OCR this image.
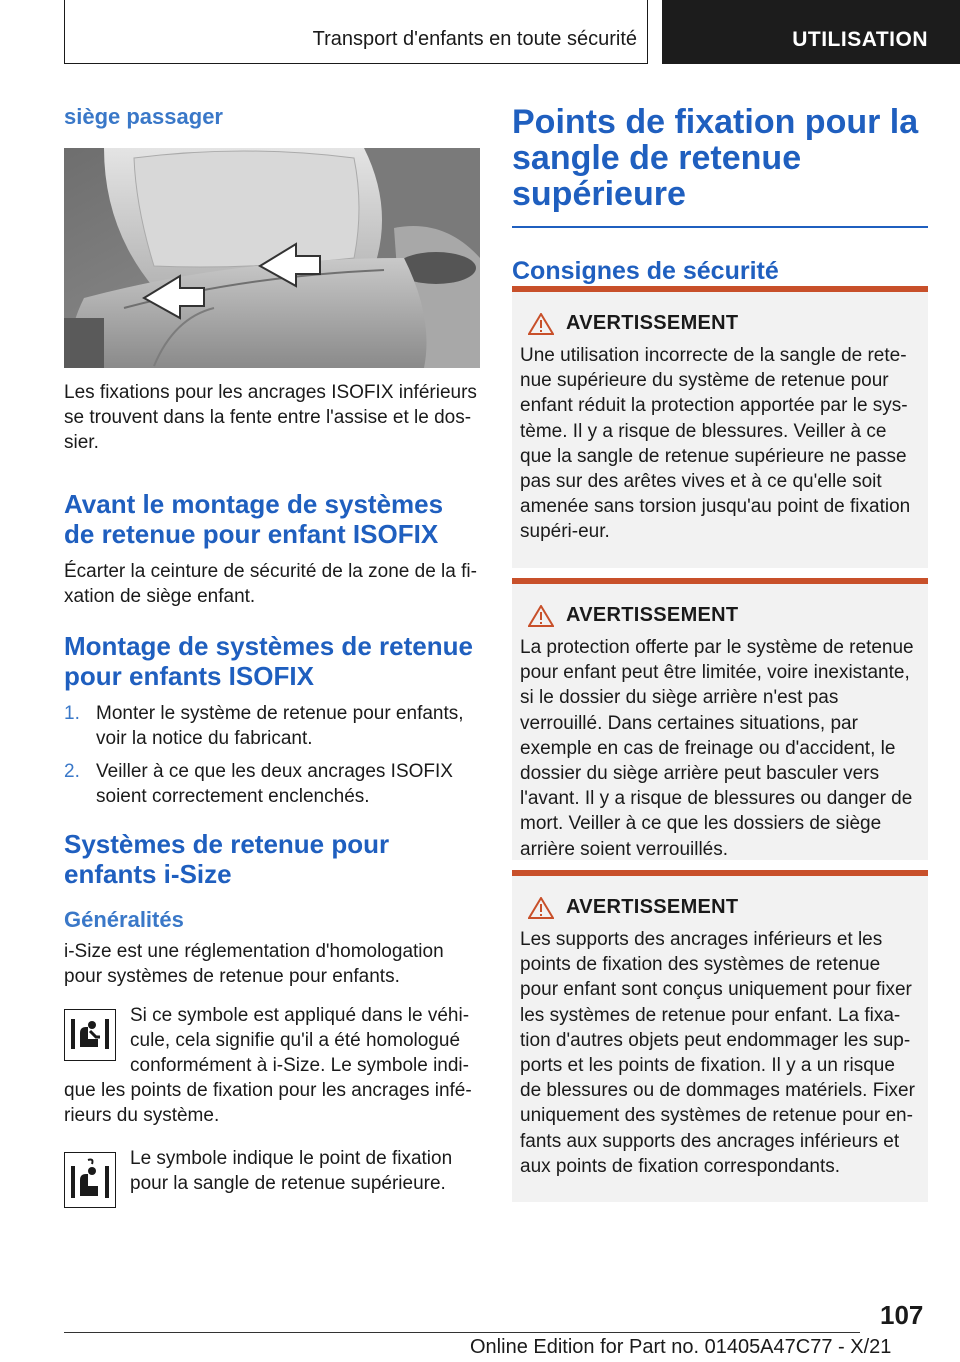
Transport d'enfants en toute sécurité	UTILISATION
siège passager

Les fixations pour les ancrages ISOFIX inférieurs se trouvent dans la fente entre l'assise et le dos-sier.

Avant le montage de systèmes de retenue pour enfant ISOFIX

Écarter la ceinture de sécurité de la zone de la fi-xation de siège enfant.

Montage de systèmes de retenue pour enfants ISOFIX
1. Monter le système de retenue pour enfants, voir la notice du fabricant.
2. Veiller à ce que les deux ancrages ISOFIX soient correctement enclenchés.
Systèmes de retenue pour enfants i-Size
Généralités

i-Size est une réglementation d'homologation pour systèmes de retenue pour enfants.

Si ce symbole est appliqué dans le véhi-cule, cela signifie qu'il a été homologué conformément à i-Size. Le symbole indi-que les points de fixation pour les ancrages infé-rieurs du système.

Le symbole indique le point de fixation pour la sangle de retenue supérieure.

Points de fixation pour la sangle de retenue supérieure
Consignes de sécurité
AVERTISSEMENT

Une utilisation incorrecte de la sangle de rete-nue supérieure du système de retenue pour enfant réduit la protection apportée par le sys-tème. Il y a risque de blessures. Veiller à ce que la sangle de retenue supérieure ne passe pas sur des arêtes vives et à ce qu'elle soit amenée sans torsion jusqu'au point de fixation supéri-eur.

AVERTISSEMENT

La protection offerte par le système de retenue pour enfant peut être limitée, voire inexistante, si le dossier du siège arrière n'est pas verrouillé. Dans certaines situations, par exemple en cas de freinage ou d'accident, le dossier du siège arrière peut basculer vers l'avant. Il y a risque de blessures ou danger de mort. Veiller à ce que les dossiers de siège arrière soient verrouillés.

AVERTISSEMENT

Les supports des ancrages inférieurs et les points de fixation des systèmes de retenue pour enfant sont conçus uniquement pour fixer les systèmes de retenue pour enfant. La fixa-tion d'autres objets peut endommager les sup-ports et les points de fixation. Il y a un risque de blessures ou de dommages matériels. Fixer uniquement des systèmes de retenue pour en-fants aux supports des ancrages inférieurs et aux points de fixation correspondants.

107
Online Edition for Part no. 01405A47C77 - X/21
